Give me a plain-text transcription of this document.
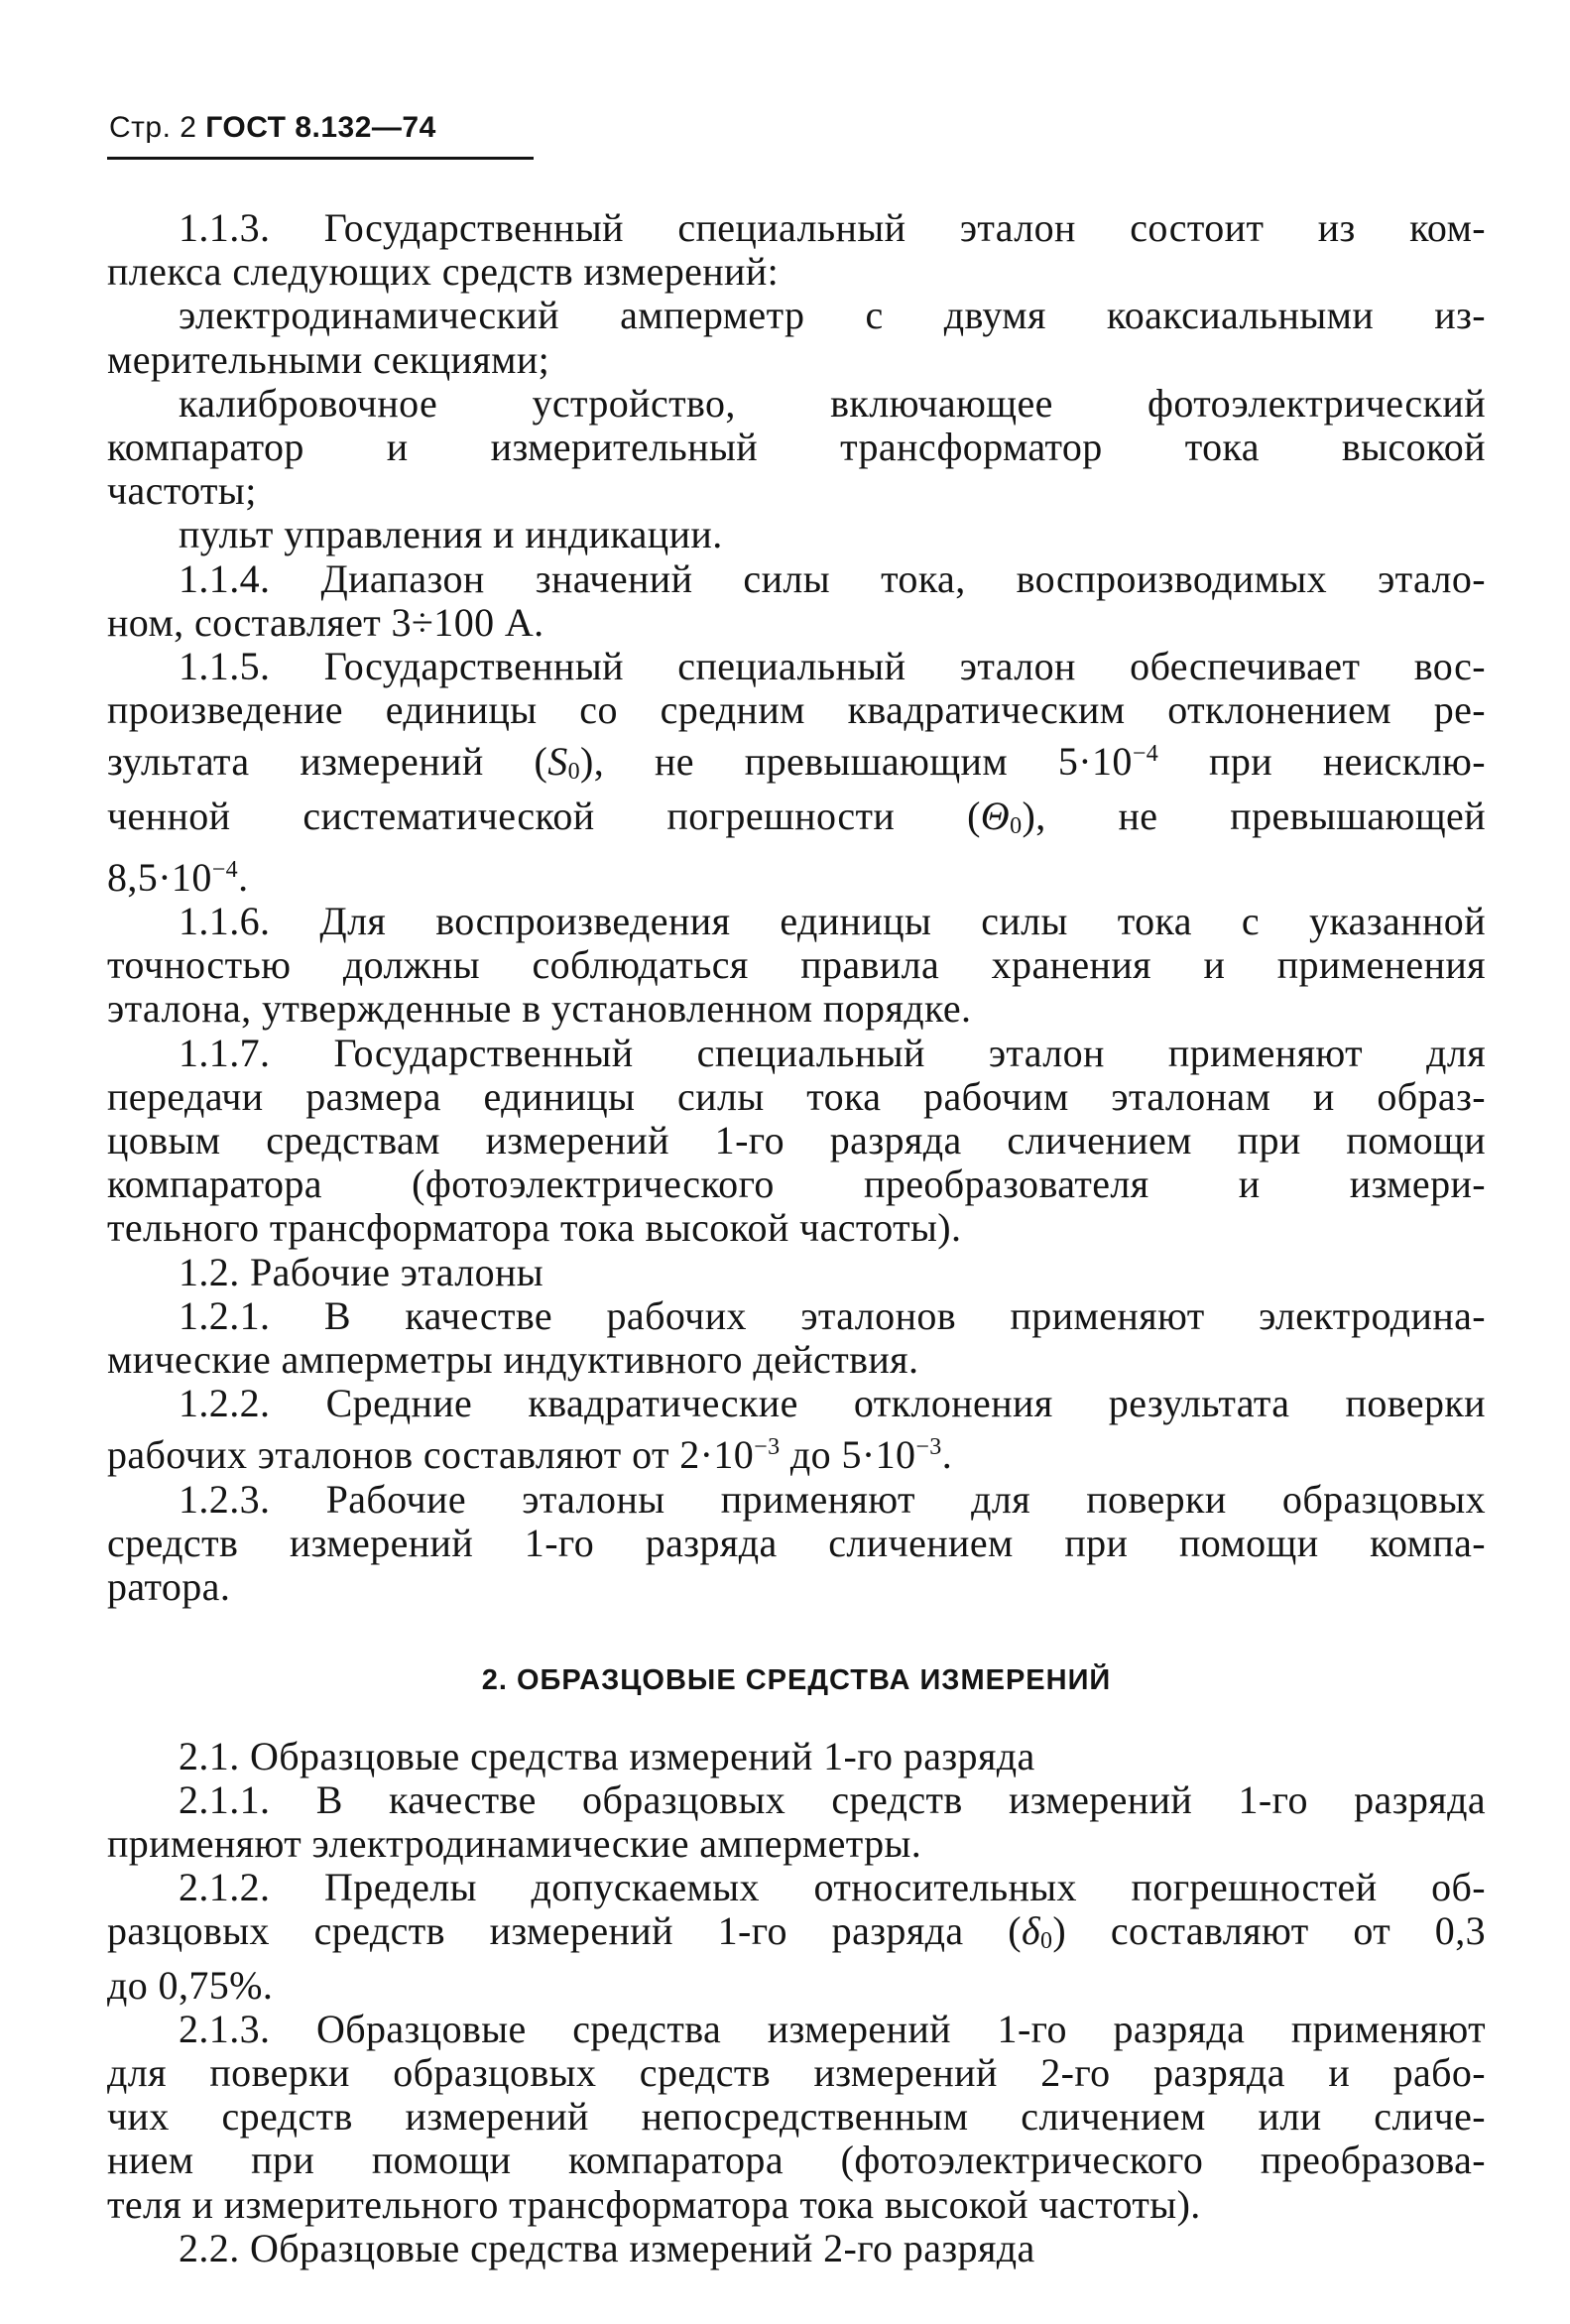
Стр. 2 ГОСТ 8.132—74
1.1.3. Государственный специальный эталон состоит из ком-
плекса следующих средств измерений:
электродинамический амперметр с двумя коаксиальными из-
мерительными секциями;
калибровочное устройство, включающее фотоэлектрический
компаратор и измерительный трансформатор тока высокой
частоты;
пульт управления и индикации.
1.1.4. Диапазон значений силы тока, воспроизводимых этало-
ном, составляет 3÷100 А.
1.1.5. Государственный специальный эталон обеспечивает вос-
произведение единицы со средним квадратическим отклонением ре-
зультата измерений (S0), не превышающим $5\cdot 10^{-4}$ при неисклю-
ченной систематической погрешности (Θ0), не превышающей
$8,5\cdot 10^{-4}$.
1.1.6. Для воспроизведения единицы силы тока с указанной
точностью должны соблюдаться правила хранения и применения
эталона, утвержденные в установленном порядке.
1.1.7. Государственный специальный эталон применяют для
передачи размера единицы силы тока рабочим эталонам и образ-
цовым средствам измерений 1-го разряда сличением при помощи
компаратора (фотоэлектрического преобразователя и измери-
тельного трансформатора тока высокой частоты).
1.2. Рабочие эталоны
1.2.1. В качестве рабочих эталонов применяют электродина-
мические амперметры индуктивного действия.
1.2.2. Средние квадратические отклонения результата поверки
рабочих эталонов составляют от $2\cdot 10^{-3}$ до $5\cdot 10^{-3}$.
1.2.3. Рабочие эталоны применяют для поверки образцовых
средств измерений 1-го разряда сличением при помощи компа-
ратора.
2. ОБРАЗЦОВЫЕ СРЕДСТВА ИЗМЕРЕНИЙ
2.1. Образцовые средства измерений 1-го разряда
2.1.1. В качестве образцовых средств измерений 1-го разряда
применяют электродинамические амперметры.
2.1.2. Пределы допускаемых относительных погрешностей об-
разцовых средств измерений 1-го разряда (δ0) составляют от 0,3
до 0,75%.
2.1.3. Образцовые средства измерений 1-го разряда применяют
для поверки образцовых средств измерений 2-го разряда и рабо-
чих средств измерений непосредственным сличением или сличе-
нием при помощи компаратора (фотоэлектрического преобразова-
теля и измерительного трансформатора тока высокой частоты).
2.2. Образцовые средства измерений 2-го разряда
